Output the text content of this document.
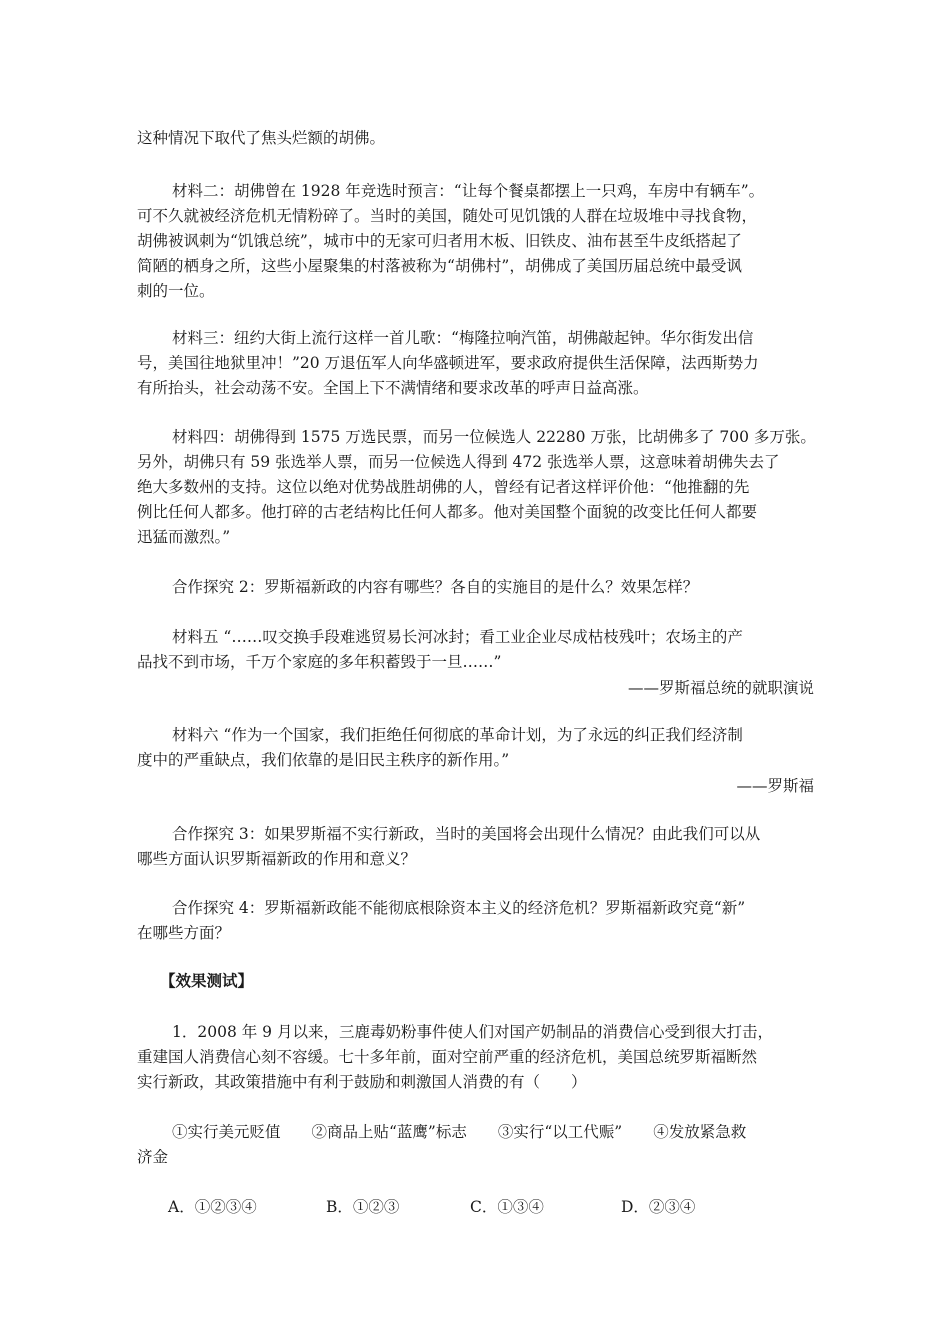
这种情况下取代了焦头烂额的胡佛。
材料二：胡佛曾在 1928 年竞选时预言：“让每个餐桌都摆上一只鸡，车房中有辆车”。
可不久就被经济危机无情粉碎了。当时的美国，随处可见饥饿的人群在垃圾堆中寻找食物，
胡佛被讽刺为“饥饿总统”，城市中的无家可归者用木板、旧铁皮、油布甚至牛皮纸搭起了
简陋的栖身之所，这些小屋聚集的村落被称为“胡佛村”，胡佛成了美国历届总统中最受讽
刺的一位。
材料三：纽约大街上流行这样一首儿歌：“梅隆拉响汽笛，胡佛敲起钟。华尔街发出信
号，美国往地狱里冲！”20 万退伍军人向华盛顿进军，要求政府提供生活保障，法西斯势力
有所抬头，社会动荡不安。全国上下不满情绪和要求改革的呼声日益高涨。
材料四：胡佛得到 1575 万选民票，而另一位候选人 22280 万张，比胡佛多了 700 多万张。
另外，胡佛只有 59 张选举人票，而另一位候选人得到 472 张选举人票，这意味着胡佛失去了
绝大多数州的支持。这位以绝对优势战胜胡佛的人，曾经有记者这样评价他：“他推翻的先
例比任何人都多。他打碎的古老结构比任何人都多。他对美国整个面貌的改变比任何人都要
迅猛而激烈。”
合作探究 2：罗斯福新政的内容有哪些？各自的实施目的是什么？效果怎样？
材料五 “……叹交换手段难逃贸易长河冰封；看工业企业尽成枯枝残叶；农场主的产
品找不到市场，千万个家庭的多年积蓄毁于一旦……”
——罗斯福总统的就职演说
材料六 “作为一个国家，我们拒绝任何彻底的革命计划，为了永远的纠正我们经济制
度中的严重缺点，我们依靠的是旧民主秩序的新作用。”
——罗斯福
合作探究 3：如果罗斯福不实行新政，当时的美国将会出现什么情况？由此我们可以从
哪些方面认识罗斯福新政的作用和意义？
合作探究 4：罗斯福新政能不能彻底根除资本主义的经济危机？罗斯福新政究竟“新”
在哪些方面？
【效果测试】
1．2008 年 9 月以来，三鹿毒奶粉事件使人们对国产奶制品的消费信心受到很大打击，
重建国人消费信心刻不容缓。七十多年前，面对空前严重的经济危机，美国总统罗斯福断然
实行新政，其政策措施中有利于鼓励和刺激国人消费的有（　　）
①实行美元贬值　　②商品上贴“蓝鹰”标志　　③实行“以工代赈”　　④发放紧急救
济金
A．①②③④	B．①②③	C．①③④	D．②③④
